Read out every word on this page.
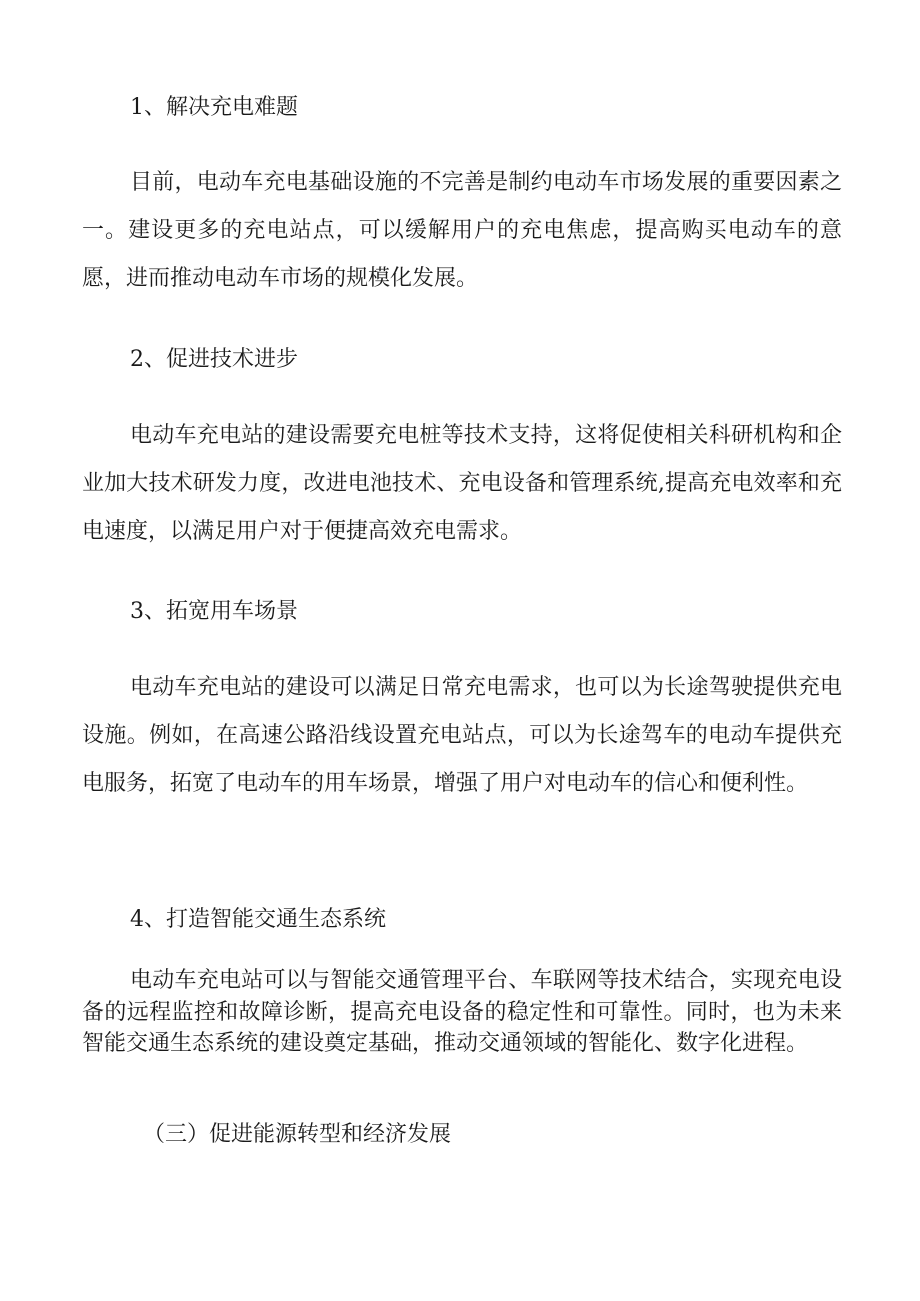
1、解决充电难题
目前，电动车充电基础设施的不完善是制约电动车市场发展的重要因素之一。建设更多的充电站点，可以缓解用户的充电焦虑，提高购买电动车的意愿，进而推动电动车市场的规模化发展。
2、促进技术进步
电动车充电站的建设需要充电桩等技术支持，这将促使相关科研机构和企业加大技术研发力度，改进电池技术、充电设备和管理系统,提高充电效率和充电速度，以满足用户对于便捷高效充电需求。
3、拓宽用车场景
电动车充电站的建设可以满足日常充电需求，也可以为长途驾驶提供充电设施。例如，在高速公路沿线设置充电站点，可以为长途驾车的电动车提供充电服务，拓宽了电动车的用车场景，增强了用户对电动车的信心和便利性。
4、打造智能交通生态系统
电动车充电站可以与智能交通管理平台、车联网等技术结合，实现充电设备的远程监控和故障诊断，提高充电设备的稳定性和可靠性。同时，也为未来智能交通生态系统的建设奠定基础，推动交通领域的智能化、数字化进程。
（三）促进能源转型和经济发展
